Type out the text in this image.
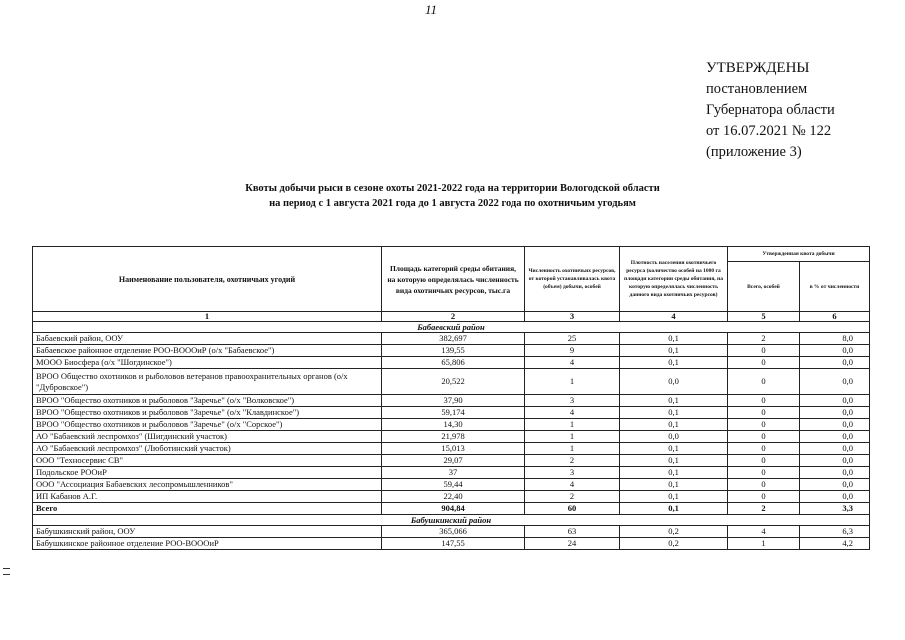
11
УТВЕРЖДЕНЫ
постановлением
Губернатора области
от 16.07.2021 № 122
(приложение 3)
Квоты добычи рыси в сезоне охоты 2021-2022 года на территории Вологодской области
на период с 1 августа 2021 года до 1 августа 2022 года по охотничьим угодьям
Наименование пользователя, охотничьих угодий	Площадь категорий среды обитания, на которую определялась численность вида охотничьих ресурсов, тыс.га	Численность охотничьих ресурсов, от которой устанавливалась квота (объем) добычи, особей	Плотность населения охотничьего ресурса (количество особей на 1000 га площади категории среды обитания, на которую определялась численность данного вида охотничьих ресурсов)	Утвержденная квота добычи	
				Всего, особей	в % от численности
1	2	3	4	5	6
Бабаевский район					
Бабаевский район, ООУ	382,697	25	0,1	2	8,0
Бабаевское районное отделение РОО-ВОООиР (о/х "Бабаевское")	139,55	9	0,1	0	0,0
МООО Биосфера (о/х "Шогдинское")	65,806	4	0,1	0	0,0
ВРОО Общество охотников и рыболовов ветеранов правоохранительных органов (о/х "Дубровское")	20,522	1	0,0	0	0,0
ВРОО "Общество охотников и рыболовов "Заречье" (о/х "Волковское")	37,90	3	0,1	0	0,0
ВРОО "Общество охотников и рыболовов "Заречье" (о/х "Клавдинское")	59,174	4	0,1	0	0,0
ВРОО "Общество охотников и рыболовов "Заречье" (о/х "Сорское")	14,30	1	0,1	0	0,0
АО "Бабаевский леспромхоз" (Шигдинский участок)	21,978	1	0,0	0	0,0
АО "Бабаевский леспромхоз" (Люботинский участок)	15,013	1	0,1	0	0,0
ООО "Техносервис СВ"	29,07	2	0,1	0	0,0
Подольское РООиР	37	3	0,1	0	0,0
ООО "Ассоциация Бабаевских лесопромышленников"	59,44	4	0,1	0	0,0
ИП Кабанов А.Г.	22,40	2	0,1	0	0,0
Всего	904,84	60	0,1	2	3,3
Бабушкинский район					
Бабушкинский район, ООУ	365,066	63	0,2	4	6,3
Бабушкинское районное отделение РОО-ВОООиР	147,55	24	0,2	1	4,2
